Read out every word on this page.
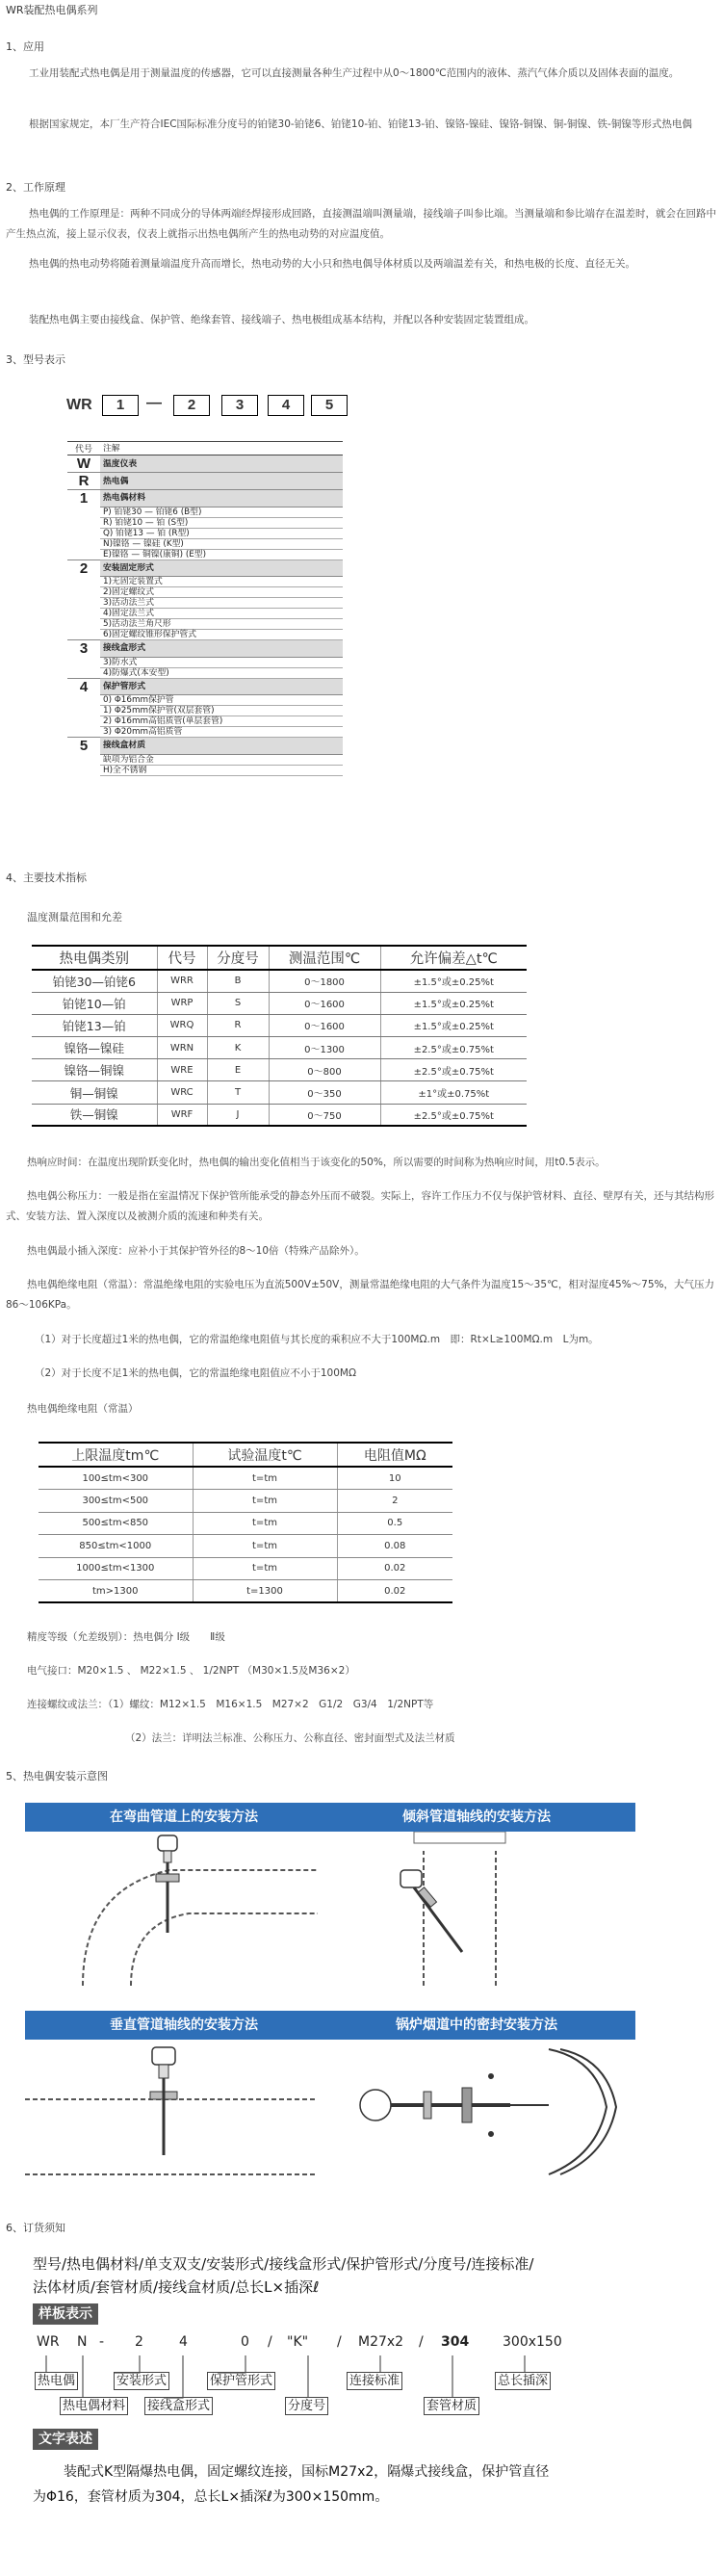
WR装配热电偶系列
1、应用
工业用装配式热电偶是用于测量温度的传感器，它可以直接测量各种生产过程中从0～1800℃范围内的液体、蒸汽气体介质以及固体表面的温度。
根据国家规定，本厂生产符合IEC国际标准分度号的铂铑30-铂铑6、铂铑10-铂、铂铑13-铂、镍铬-镍硅、镍铬-铜镍、铜-铜镍、铁-铜镍等形式热电偶
2、工作原理
热电偶的工作原理是：两种不同成分的导体两端经焊接形成回路，直接测温端叫测量端，接线端子叫参比端。当测量端和参比端存在温差时，就会在回路中产生热点流，接上显示仪表，仪表上就指示出热电偶所产生的热电动势的对应温度值。
热电偶的热电动势将随着测量端温度升高而增长，热电动势的大小只和热电偶导体材质以及两端温差有关，和热电极的长度、直径无关。
装配热电偶主要由接线盒、保护管、绝缘套管、接线端子、热电极组成基本结构，并配以各种安装固定装置组成。
3、型号表示
WR	1	—	2	3	4	5
代号	注解
W	温度仪表
R	热电偶
1	热电偶材料
	P) 铂铑30 — 铂铑6 (B型)
	R) 铂铑10 — 铂 (S型)
	Q) 铂铑13 — 铂 (R型)
	N)镍铬 — 镍硅 (K型)
	E)镍铬 — 铜镍(康铜) (E型)
2	安装固定形式
	1)无固定装置式
	2)固定螺纹式
	3)活动法兰式
	4)固定法兰式
	5)活动法兰角尺形
	6)固定螺纹锥形保护管式
3	接线盒形式
	3)防水式
	4)防爆式(本安型)
4	保护管形式
	0) Φ16mm保护管
	1) Φ25mm保护管(双层套管)
	2) Φ16mm高铝质管(单层套管)
	3) Φ20mm高铝质管
5	接线盒材质
	缺项为铝合金
	H)全不锈钢
4、主要技术指标
温度测量范围和允差
热电偶类别	代号	分度号	测温范围℃	允许偏差△t℃
铂铑30—铂铑6	WRR	B	0～1800	±1.5°或±0.25%t
铂铑10—铂	WRP	S	0～1600	±1.5°或±0.25%t
铂铑13—铂	WRQ	R	0～1600	±1.5°或±0.25%t
镍铬—镍硅	WRN	K	0～1300	±2.5°或±0.75%t
镍铬—铜镍	WRE	E	0～800	±2.5°或±0.75%t
铜—铜镍	WRC	T	0～350	±1°或±0.75%t
铁—铜镍	WRF	J	0～750	±2.5°或±0.75%t
热响应时间：在温度出现阶跃变化时，热电偶的输出变化值相当于该变化的50%，所以需要的时间称为热响应时间，用t0.5表示。
热电偶公称压力：一般是指在室温情况下保护管所能承受的静态外压而不破裂。实际上，容许工作压力不仅与保护管材料、直径、壁厚有关，还与其结构形式、安装方法、置入深度以及被测介质的流速和种类有关。
热电偶最小插入深度：应补小于其保护管外径的8～10倍（特殊产品除外）。
热电偶绝缘电阻（常温）：常温绝缘电阻的实验电压为直流500V±50V，测量常温绝缘电阻的大气条件为温度15～35℃，相对湿度45%～75%，大气压力86～106KPa。
（1）对于长度超过1米的热电偶，它的常温绝缘电阻值与其长度的乘积应不大于100MΩ.m　即：Rt×L≥100MΩ.m　L为m。
（2）对于长度不足1米的热电偶，它的常温绝缘电阻值应不小于100MΩ
热电偶绝缘电阻（常温）
上限温度tm℃	试验温度t℃	电阻值MΩ
100≤tm<300	t=tm	10
300≤tm<500	t=tm	2
500≤tm<850	t=tm	0.5
850≤tm<1000	t=tm	0.08
1000≤tm<1300	t=tm	0.02
tm>1300	t=1300	0.02
精度等级（允差级别）：热电偶分 Ⅰ级　　Ⅱ级
电气接口：M20×1.5 、 M22×1.5 、 1/2NPT （M30×1.5及M36×2）
连接螺纹或法兰：（1）螺纹：M12×1.5　M16×1.5　M27×2　G1/2　G3/4　1/2NPT等
（2）法兰：详明法兰标准、公称压力、公称直径、密封面型式及法兰材质
5、热电偶安装示意图
在弯曲管道上的安装方法	倾斜管道轴线的安装方法
垂直管道轴线的安装方法	锅炉烟道中的密封安装方法
6、订货须知
型号/热电偶材料/单支双支/安装形式/接线盒形式/保护管形式/分度号/连接标准/
法体材质/套管材质/接线盒材质/总长L×插深ℓ
样板表示
WR N - 2	4	0 / "K" / M27x2 / 304 300x150
热电偶
热电偶材料
安装形式
接线盒形式
保护管形式
分度号
连接标准
套管材质
总长插深
文字表述
装配式K型隔爆热电偶，固定螺纹连接，国标M27x2，隔爆式接线盒，保护管直径
为Φ16，套管材质为304，总长L×插深ℓ为300×150mm。
